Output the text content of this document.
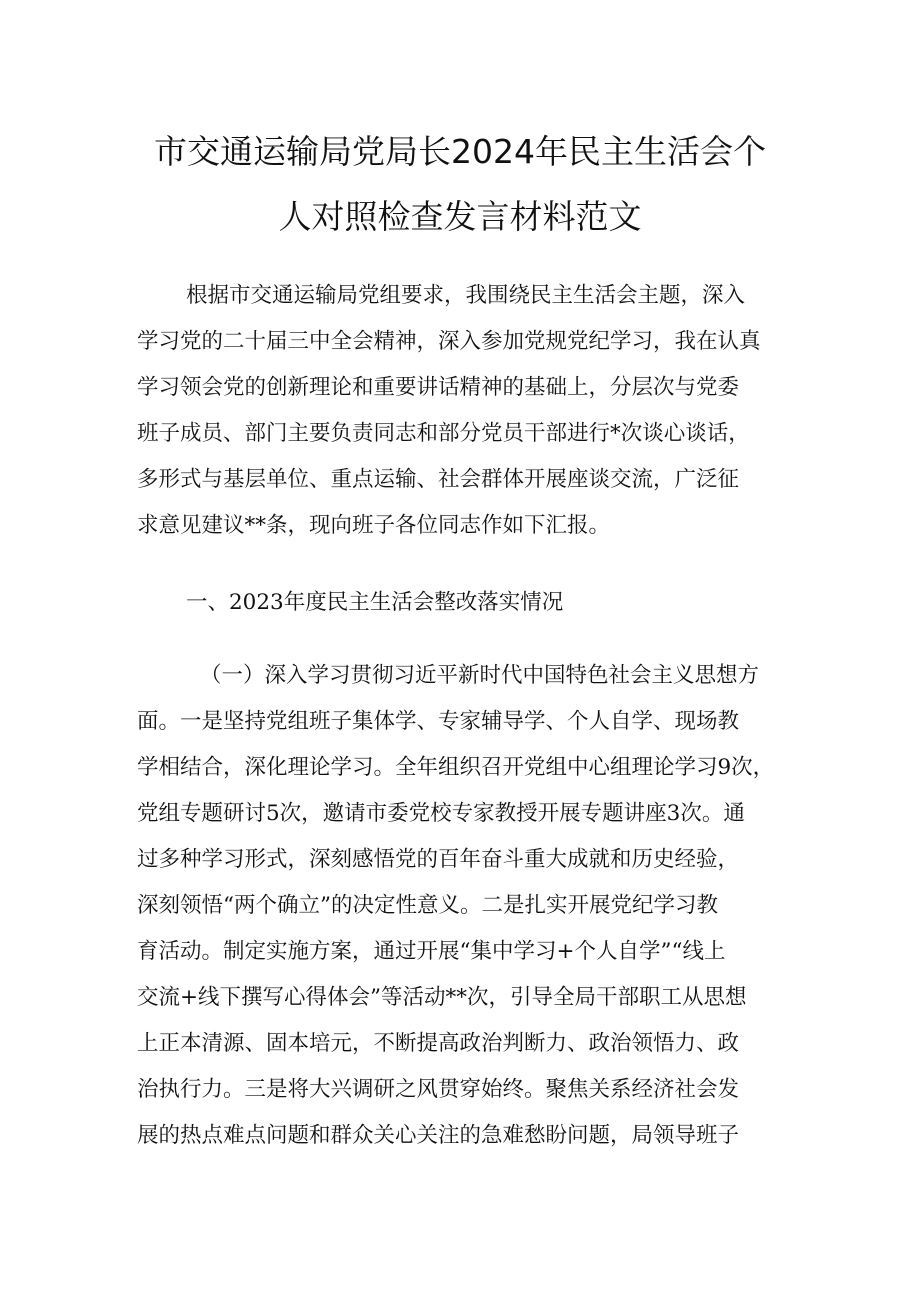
市交通运输局党局长2024年民主生活会个
人对照检查发言材料范文
根据市交通运输局党组要求，我围绕民主生活会主题，深入
学习党的二十届三中全会精神，深入参加党规党纪学习，我在认真
学习领会党的创新理论和重要讲话精神的基础上，分层次与党委
班子成员、部门主要负责同志和部分党员干部进行*次谈心谈话，
多形式与基层单位、重点运输、社会群体开展座谈交流，广泛征
求意见建议**条，现向班子各位同志作如下汇报。
一、2023年度民主生活会整改落实情况
（一）深入学习贯彻习近平新时代中国特色社会主义思想方
面。一是坚持党组班子集体学、专家辅导学、个人自学、现场教
学相结合，深化理论学习。全年组织召开党组中心组理论学习9次，
党组专题研讨5次，邀请市委党校专家教授开展专题讲座3次。通
过多种学习形式，深刻感悟党的百年奋斗重大成就和历史经验，
深刻领悟“两个确立”的决定性意义。二是扎实开展党纪学习教
育活动。制定实施方案，通过开展“集中学习+个人自学”“线上
交流+线下撰写心得体会”等活动**次，引导全局干部职工从思想
上正本清源、固本培元，不断提高政治判断力、政治领悟力、政
治执行力。三是将大兴调研之风贯穿始终。聚焦关系经济社会发
展的热点难点问题和群众关心关注的急难愁盼问题，局领导班子
